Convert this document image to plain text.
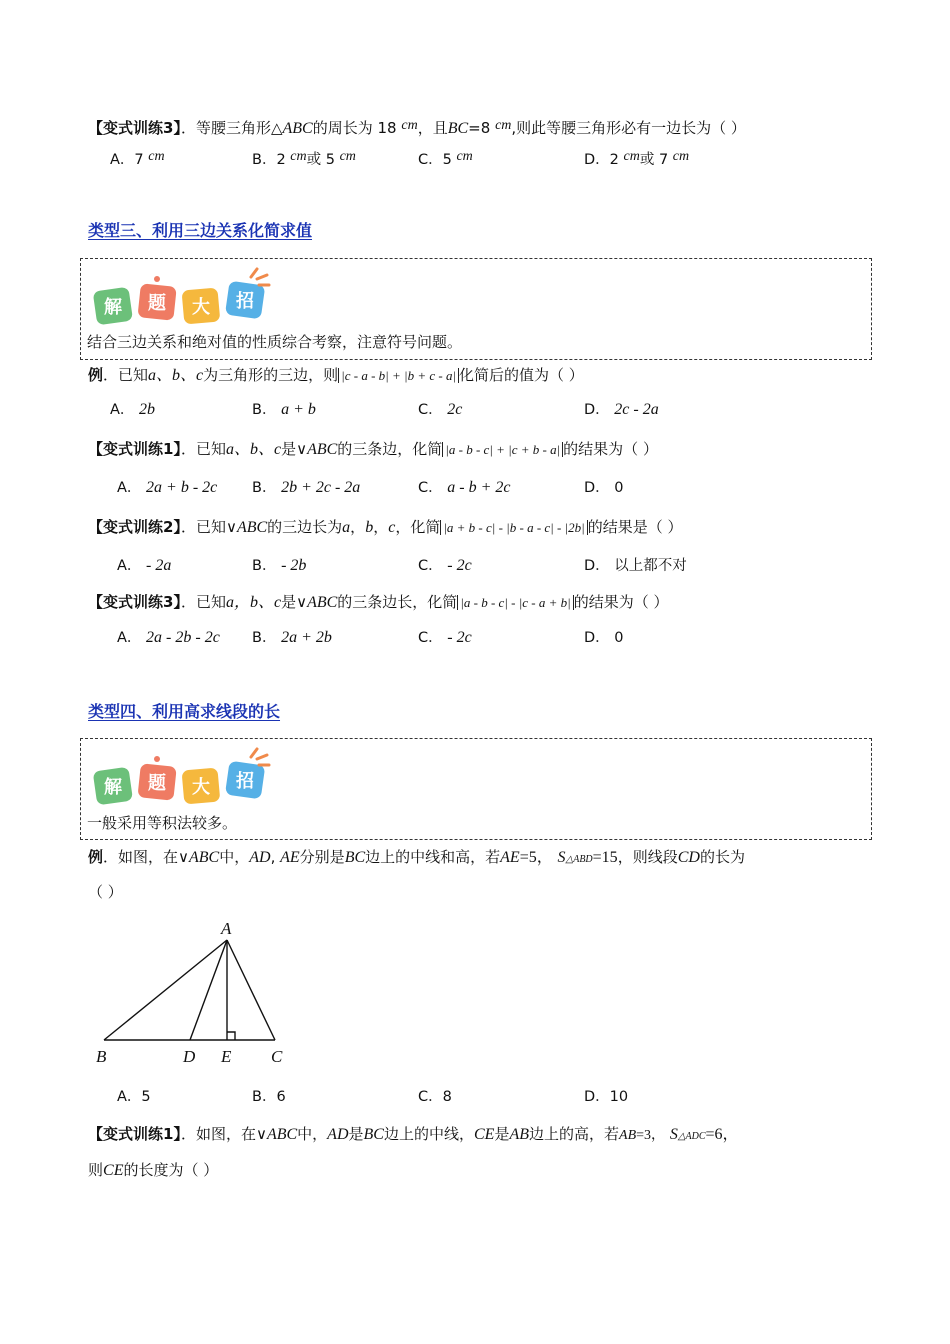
【变式训练3】．等腰三角形△ABC的周长为 18 cm，且BC=8 cm,则此等腰三角形必有一边长为（ ）
A．7 cm	B．2 cm或 5 cm	C．5 cm	D．2 cm或 7 cm
类型三、利用三边关系化简求值
解 题 大 招
结合三边关系和绝对值的性质综合考察，注意符号问题。
例．已知a、b、c为三角形的三边，则 |c - a - b| + |b + c - a| 化简后的值为（ ）
A． 2b	B． a + b	C． 2c	D． 2c - 2a
【变式训练1】．已知a、b、c是∨ABC的三条边，化简 |a - b - c| + |c + b - a| 的结果为（ ）
A． 2a + b - 2c B． 2b + 2c - 2a	C． a - b + 2c	D． 0
【变式训练2】．已知∨ABC的三边长为a，b，c，化简 |a + b - c| - |b - a - c| - |2b| 的结果是（ ）
A． - 2a	B． - 2b	C． - 2c	D． 以上都不对
【变式训练3】．已知a，b、c是∨ABC的三条边长，化简 |a - b - c| - |c - a + b| 的结果为（ ）
A． 2a - 2b - 2c B． 2a + 2b	C． - 2c	D． 0
类型四、利用高求线段的长
解 题 大 招
一般采用等积法较多。
例．如图，在∨ABC中，AD, AE分别是BC边上的中线和高，若AE=5， S△ABD=15，则线段CD的长为
（ ）
A
B	D E C
A．5	B．6	C．8	D．10
【变式训练1】．如图，在∨ABC中，AD是BC边上的中线，CE是AB边上的高，若AB=3， S△ADC=6，
则CE的长度为（ ）
